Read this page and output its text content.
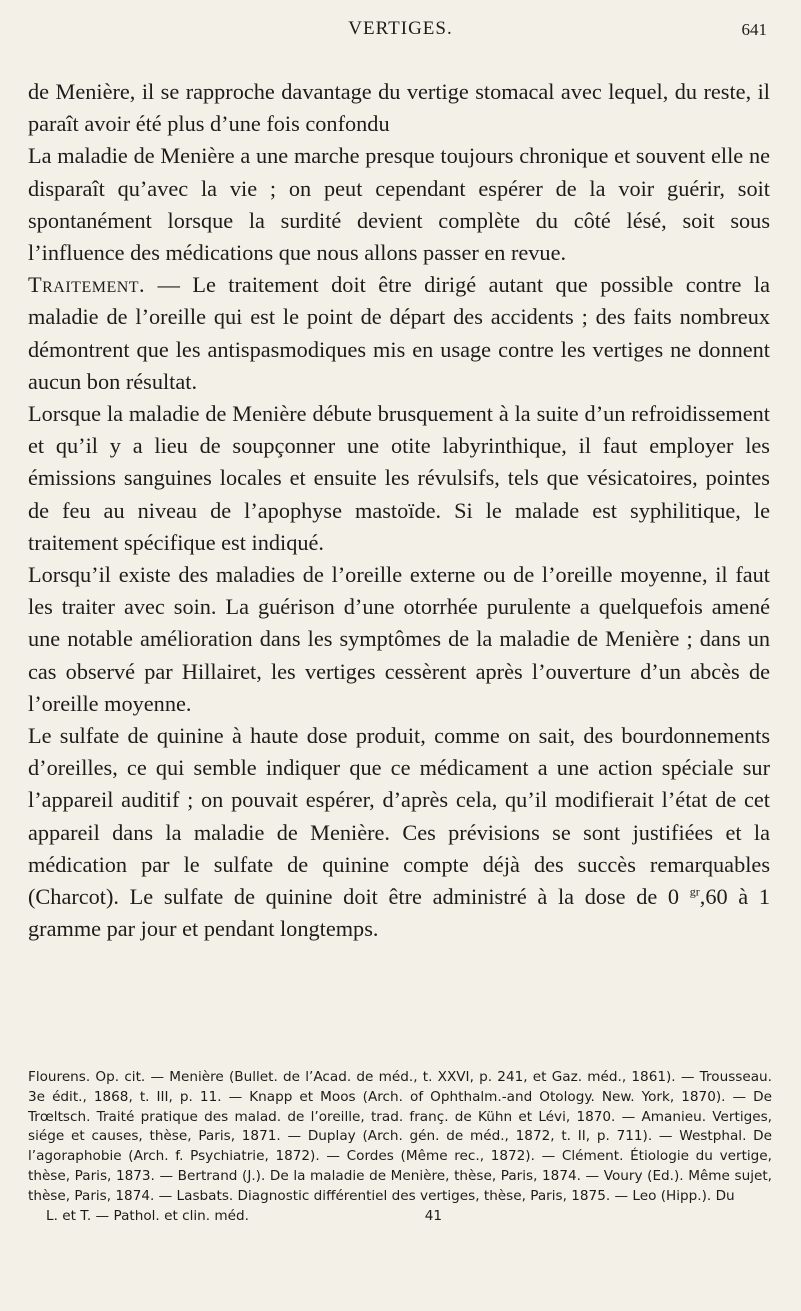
VERTIGES.	641

de Menière, il se rapproche davantage du vertige stomacal avec lequel, du reste, il paraît avoir été plus d’une fois confondu

La maladie de Menière a une marche presque toujours chronique et souvent elle ne disparaît qu’avec la vie ; on peut cependant espérer de la voir guérir, soit spontanément lorsque la surdité devient complète du côté lésé, soit sous l’influence des médications que nous allons passer en revue.

Traitement. — Le traitement doit être dirigé autant que possible contre la maladie de l’oreille qui est le point de départ des accidents ; des faits nombreux démontrent que les antispasmodiques mis en usage contre les vertiges ne donnent aucun bon résultat.

Lorsque la maladie de Menière débute brusquement à la suite d’un refroidissement et qu’il y a lieu de soupçonner une otite labyrinthique, il faut employer les émissions sanguines locales et ensuite les révulsifs, tels que vésicatoires, pointes de feu au niveau de l’apophyse mastoïde. Si le malade est syphilitique, le traitement spécifique est indiqué.

Lorsqu’il existe des maladies de l’oreille externe ou de l’oreille moyenne, il faut les traiter avec soin. La guérison d’une otorrhée purulente a quelquefois amené une notable amélioration dans les symptômes de la maladie de Menière ; dans un cas observé par Hillairet, les vertiges cessèrent après l’ouverture d’un abcès de l’oreille moyenne.

Le sulfate de quinine à haute dose produit, comme on sait, des bourdonnements d’oreilles, ce qui semble indiquer que ce médicament a une action spéciale sur l’appareil auditif ; on pouvait espérer, d’après cela, qu’il modifierait l’état de cet appareil dans la maladie de Menière. Ces prévisions se sont justifiées et la médication par le sulfate de quinine compte déjà des succès remarquables (Charcot). Le sulfate de quinine doit être administré à la dose de 0 $^{gr}$,60 à 1 gramme par jour et pendant longtemps.

Flourens. Op. cit. — Menière (Bullet. de l’Acad. de méd., t. XXVI, p. 241, et Gaz. méd., 1861). — Trousseau. 3e édit., 1868, t. III, p. 11. — Knapp et Moos (Arch. of Ophthalm.-and Otology. New. York, 1870). — De Trœltsch. Traité pratique des malad. de l’oreille, trad. franç. de Kühn et Lévi, 1870. — Amanieu. Vertiges, siége et causes, thèse, Paris, 1871. — Duplay (Arch. gén. de méd., 1872, t. II, p. 711). — Westphal. De l’agoraphobie (Arch. f. Psychiatrie, 1872). — Cordes (Même rec., 1872). — Clément. Étiologie du vertige, thèse, Paris, 1873. — Bertrand (J.). De la maladie de Menière, thèse, Paris, 1874. — Voury (Ed.). Même sujet, thèse, Paris, 1874. — Lasbats. Diagnostic différentiel des vertiges, thèse, Paris, 1875. — Leo (Hipp.). Du

L. et T. — Pathol. et clin. méd.	41
